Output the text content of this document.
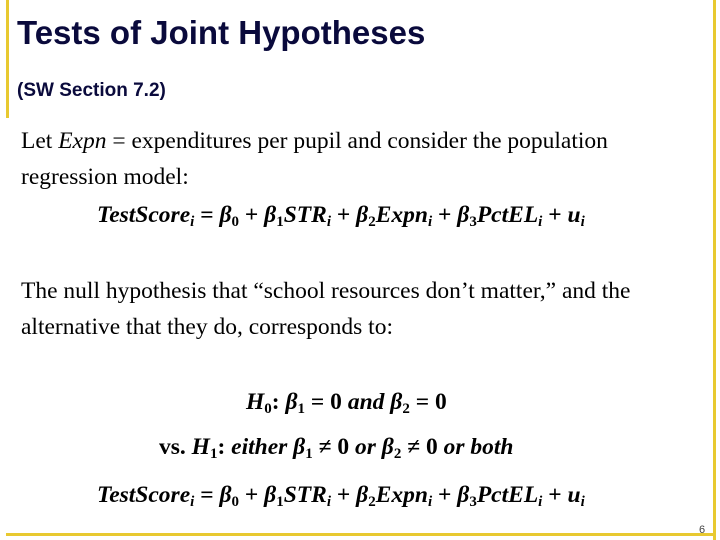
Tests of Joint Hypotheses
(SW Section 7.2)
Let Expn = expenditures per pupil and consider the population
regression model:
TestScore$_i$ = $\beta_0 + \beta_1STR_i$ + $\beta_2Expn_i$ + $\beta_3PctEL_i + u_i$
The null hypothesis that “school resources don’t matter,” and the
alternative that they do, corresponds to:
$H_0$: $\beta_1 = 0$ and $\beta_2 = 0$
vs. $H_1$: either $\beta_1 \ne 0$ or $\beta_2 \ne 0$ or both
TestScore$_i$ = $\beta_0 + \beta_1STR_i$ + $\beta_2Expn_i$ + $\beta_3PctEL_i + u_i$
6
